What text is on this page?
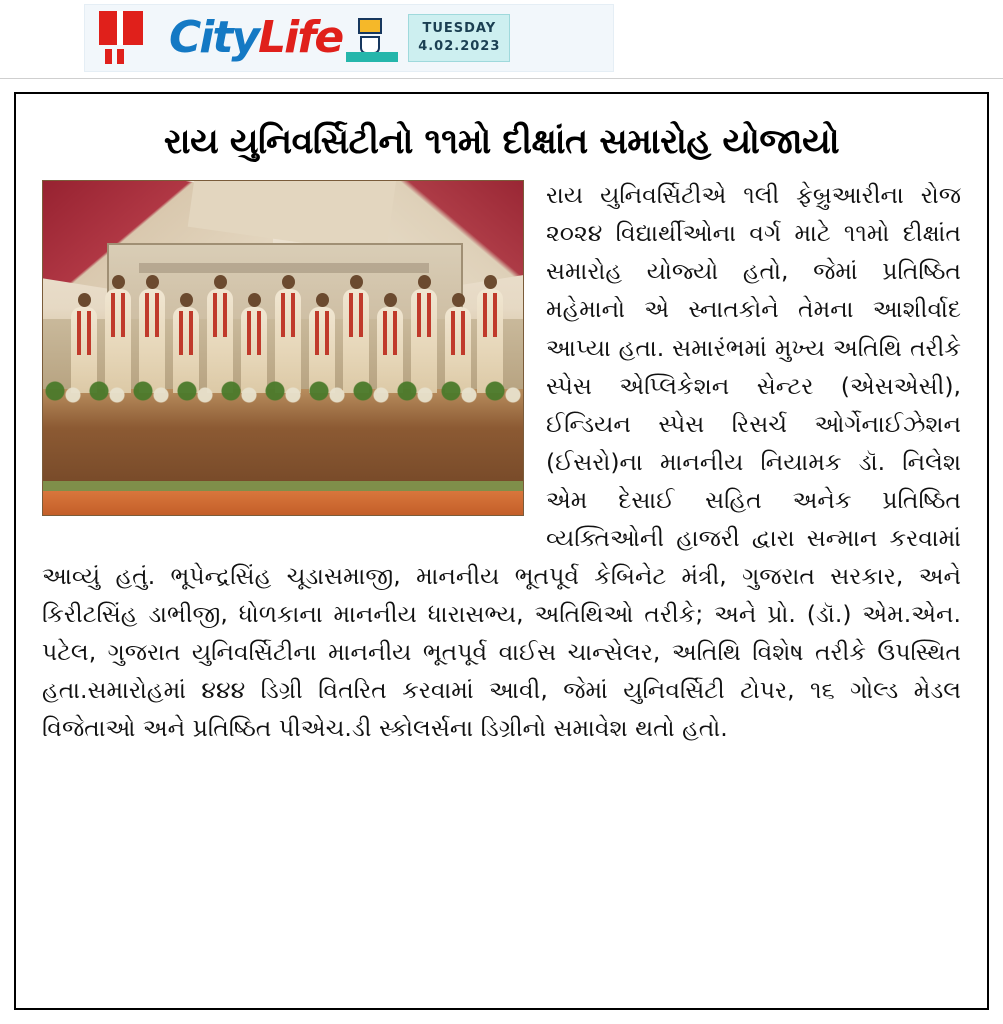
City Life	TUESDAY
4.02.2023
રાય યુનિવર્સિટીનો ૧૧મો દીક્ષાંત સમારોહ યોજાયો

રાય યુનિવર્સિટીએ ૧લી ફેબ્રુઆરીના રોજ ૨૦૨૪ વિદ્યાર્થીઓના વર્ગ માટે ૧૧મો દીક્ષાંત સમારોહ યોજ્યો હતો, જેમાં પ્રતિષ્ઠિત મહેમાનો એ સ્નાતકોને તેમના આશીર્વાદ આપ્યા હતા. સમારંભમાં મુખ્ય અતિથિ તરીકે સ્પેસ એપ્લિકેશન સેન્ટર (એસએસી), ઈન્ડિયન સ્પેસ રિસર્ચ ઓર્ગેનાઈઝેશન (ઈસરો)ના માનનીય નિયામક ડૉ. નિલેશ એમ દેસાઈ સહિત અનેક પ્રતિષ્ઠિત વ્યક્તિઓની હાજરી દ્વારા સન્માન કરવામાં આવ્યું હતું. ભૂપેન્દ્રસિંહ ચૂડાસમાજી, માનનીય ભૂતપૂર્વ કેબિનેટ મંત્રી, ગુજરાત સરકાર, અને કિરીટસિંહ ડાભીજી, ધોળકાના માનનીય ધારાસભ્ય, અતિથિઓ તરીકે; અને પ્રો. (ડૉ.) એમ.એન. પટેલ, ગુજરાત યુનિવર્સિટીના માનનીય ભૂતપૂર્વ વાઈસ ચાન્સેલર, અતિથિ વિશેષ તરીકે ઉપસ્થિત હતા.સમારોહમાં ૪૪૪ ડિગ્રી વિતરિત કરવામાં આવી, જેમાં યુનિવર્સિટી ટોપર, ૧૬ ગોલ્ડ મેડલ વિજેતાઓ અને પ્રતિષ્ઠિત પીએચ.ડી સ્કોલર્સના ડિગ્રીનો સમાવેશ થતો હતો.
